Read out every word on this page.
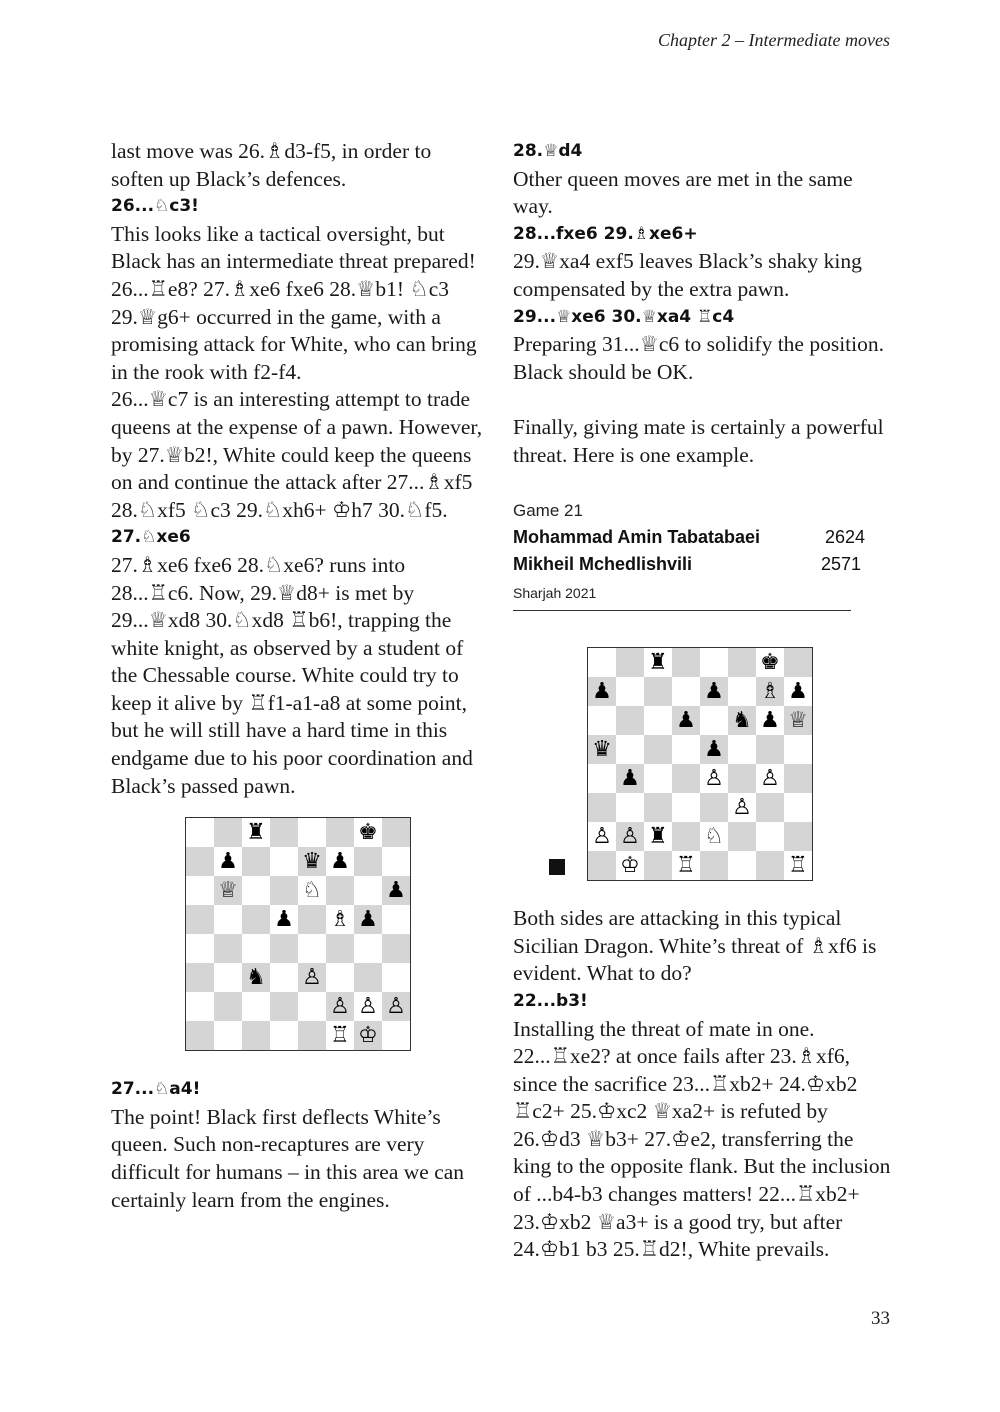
Chapter 2 – Intermediate moves

last move was 26.♗d3-f5, in order to soften up Black’s defences.

26...♘c3!

This looks like a tactical oversight, but Black has an intermediate threat prepared!

26...♖e8? 27.♗xe6 fxe6 28.♕b1! ♘c3 29.♕g6+ occurred in the game, with a promising attack for White, who can bring in the rook with f2-f4.

26...♕c7 is an interesting attempt to trade queens at the expense of a pawn. However, by 27.♕b2!, White could keep the queens on and continue the attack after 27...♗xf5 28.♘xf5 ♘c3 29.♘xh6+ ♔h7 30.♘f5.

27.♘xe6

27.♗xe6 fxe6 28.♘xe6? runs into 28...♖c6. Now, 29.♕d8+ is met by 29...♕xd8 30.♘xd8 ♖b6!, trapping the white knight, as observed by a student of the Chessable course. White could try to keep it alive by ♖f1-a1-a8 at some point, but he will still have a hard time in this endgame due to his poor coordination and Black’s passed pawn.

♜	♚
♟	♛ ♟
♕	♘	♟
♟ ♗ ♟
♞ ♙
♙ ♙ ♙
♖ ♔
27...♘a4!

The point! Black first deflects White’s queen. Such non-recaptures are very difficult for humans – in this area we can certainly learn from the engines.

28.♕d4

Other queen moves are met in the same way.

28...fxe6 29.♗xe6+

29.♕xa4 exf5 leaves Black’s shaky king compensated by the extra pawn.

29...♕xe6 30.♕xa4 ♖c4

Preparing 31...♕c6 to solidify the position. Black should be OK.

Finally, giving mate is certainly a powerful threat. Here is one example.

Game 21
Mohammad Amin Tabatabaei	2624
Mikheil Mchedlishvili	2571
Sharjah 2021
♜	♚
♟	♟ ♗ ♟
♟ ♞ ♟ ♕
♛	♟
♟	♙ ♙
♙
♙ ♙ ♜ ♘
♔ ♖	♖

Both sides are attacking in this typical Sicilian Dragon. White’s threat of ♗xf6 is evident. What to do?

22...b3!

Installing the threat of mate in one. 22...♖xe2? at once fails after 23.♗xf6, since the sacrifice 23...♖xb2+ 24.♔xb2 ♖c2+ 25.♔xc2 ♕xa2+ is refuted by 26.♔d3 ♕b3+ 27.♔e2, transferring the king to the opposite flank. But the inclusion of ...b4-b3 changes matters! 22...♖xb2+ 23.♔xb2 ♕a3+ is a good try, but after 24.♔b1 b3 25.♖d2!, White prevails.

33
